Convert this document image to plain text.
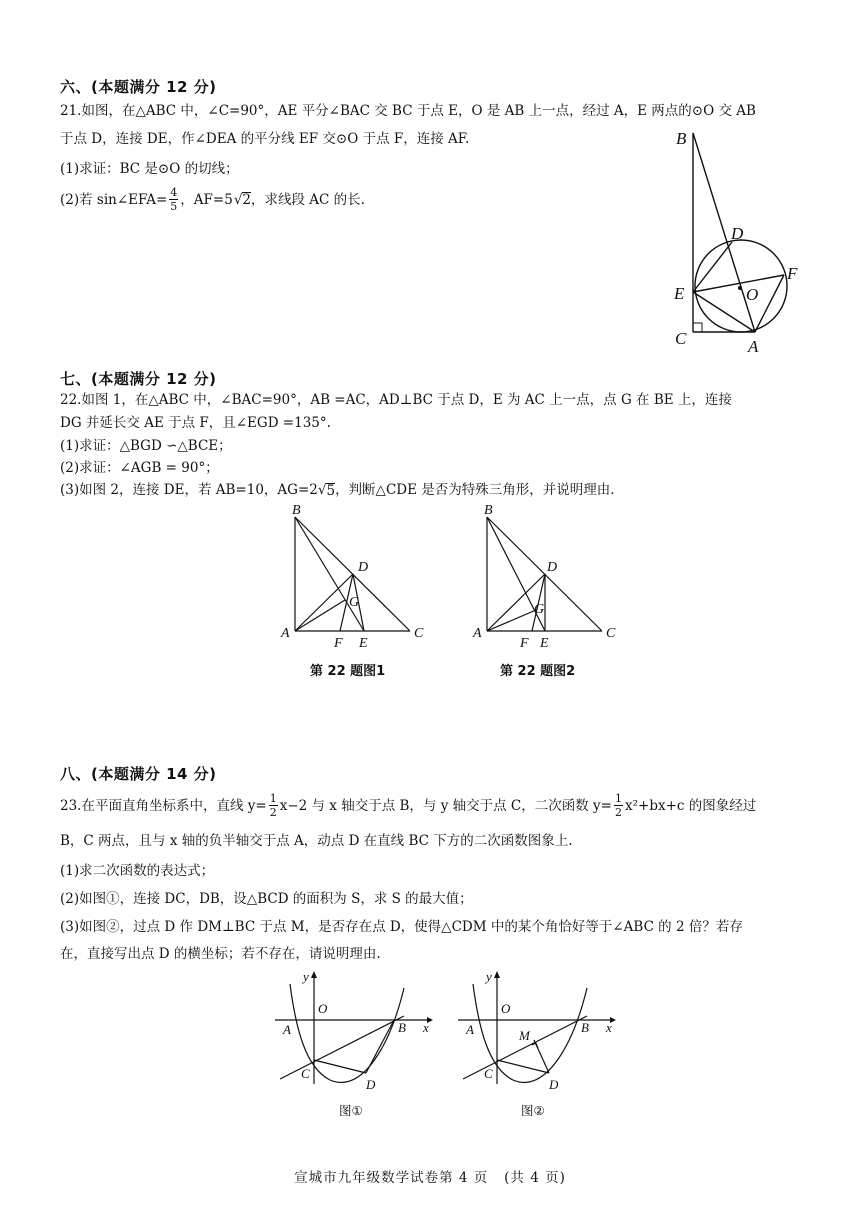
六、(本题满分 12 分)
21.如图，在△ABC 中，∠C=90°，AE 平分∠BAC 交 BC 于点 E，O 是 AB 上一点，经过 A，E 两点的⊙O 交 AB
于点 D，连接 DE，作∠DEA 的平分线 EF 交⊙O 于点 F，连接 AF.
(1)求证：BC 是⊙O 的切线；
(2)若 sin∠EFA= $\frac{4}{5}$ ，AF=5 √ 2 ，求线段 AC 的长.
B
D
F
E	O
C	A
七、(本题满分 12 分)
22.如图 1，在△ABC 中，∠BAC=90°，AB =AC，AD⊥BC 于点 D，E 为 AC 上一点，点 G 在 BE 上，连接
DG 并延长交 AE 于点 F，且∠EGD =135°.
(1)求证：△BGD ∽△BCE；
(2)求证：∠AGB = 90°；
(3)如图 2，连接 DE，若 AB=10，AG=2 √ 5 ，判断△CDE 是否为特殊三角形，并说明理由.
B
D
G
A
F E
C
第 22 题图1
B
D
G
A
F E
C
第 22 题图2
八、(本题满分 14 分)
23.在平面直角坐标系中，直线 $y= \frac{1}{2} x-2$ 与 x 轴交于点 B，与 y 轴交于点 C，二次函数 $y= \frac{1}{2} x^2+bx+c$ 的图象经过
B，C 两点，且与 x 轴的负半轴交于点 A，动点 D 在直线 BC 下方的二次函数图象上.
(1)求二次函数的表达式；
(2)如图①，连接 DC，DB，设△BCD 的面积为 S，求 S 的最大值；
(3)如图②，过点 D 作 DM⊥BC 于点 M，是否存在点 D，使得△CDM 中的某个角恰好等于∠ABC 的 2 倍？若存
在，直接写出点 D 的横坐标；若不存在，请说明理由.
y
x
O
A	B
C
D
图①
y
x
O
A	B
M
C
D
图②
宣城市九年级数学试卷第 4 页   (共 4 页)
